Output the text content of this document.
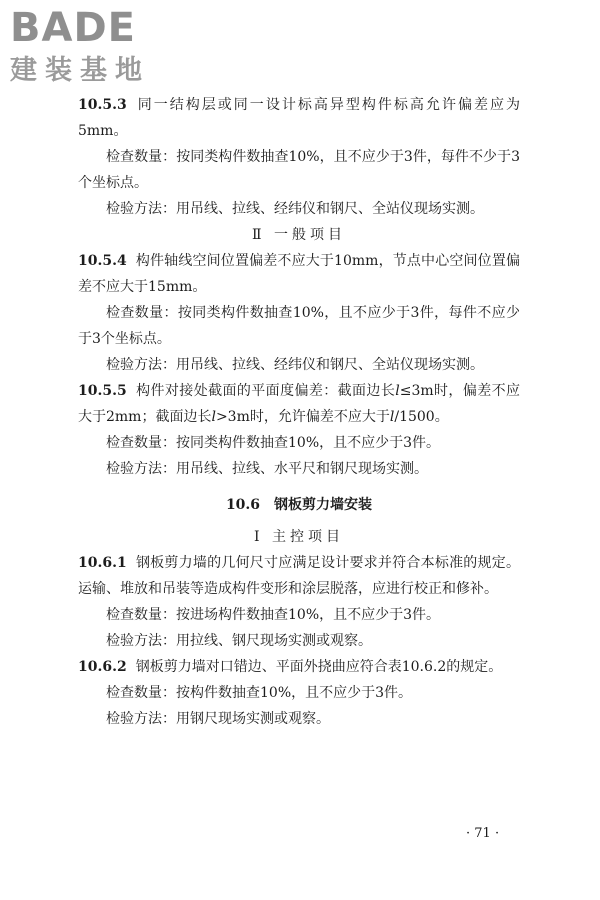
BADE
建装基地

10.5.3 同一结构层或同一设计标高异型构件标高允许偏差应为5mm。

检查数量：按同类构件数抽查10%，且不应少于3件，每件不少于3个坐标点。

检验方法：用吊线、拉线、经纬仪和钢尺、全站仪现场实测。

Ⅱ 一般项目

10.5.4 构件轴线空间位置偏差不应大于10mm，节点中心空间位置偏差不应大于15mm。

检查数量：按同类构件数抽查10%，且不应少于3件，每件不应少于3个坐标点。

检验方法：用吊线、拉线、经纬仪和钢尺、全站仪现场实测。

10.5.5 构件对接处截面的平面度偏差：截面边长l≤3m时，偏差不应大于2mm；截面边长l>3m时，允许偏差不应大于l/1500。

检查数量：按同类构件数抽查10%，且不应少于3件。

检验方法：用吊线、拉线、水平尺和钢尺现场实测。

10.6 钢板剪力墙安装

Ⅰ 主控项目

10.6.1 钢板剪力墙的几何尺寸应满足设计要求并符合本标准的规定。运输、堆放和吊装等造成构件变形和涂层脱落，应进行校正和修补。

检查数量：按进场构件数抽查10%，且不应少于3件。

检验方法：用拉线、钢尺现场实测或观察。

10.6.2 钢板剪力墙对口错边、平面外挠曲应符合表10.6.2的规定。

检查数量：按构件数抽查10%，且不应少于3件。

检验方法：用钢尺现场实测或观察。

· 71 ·
